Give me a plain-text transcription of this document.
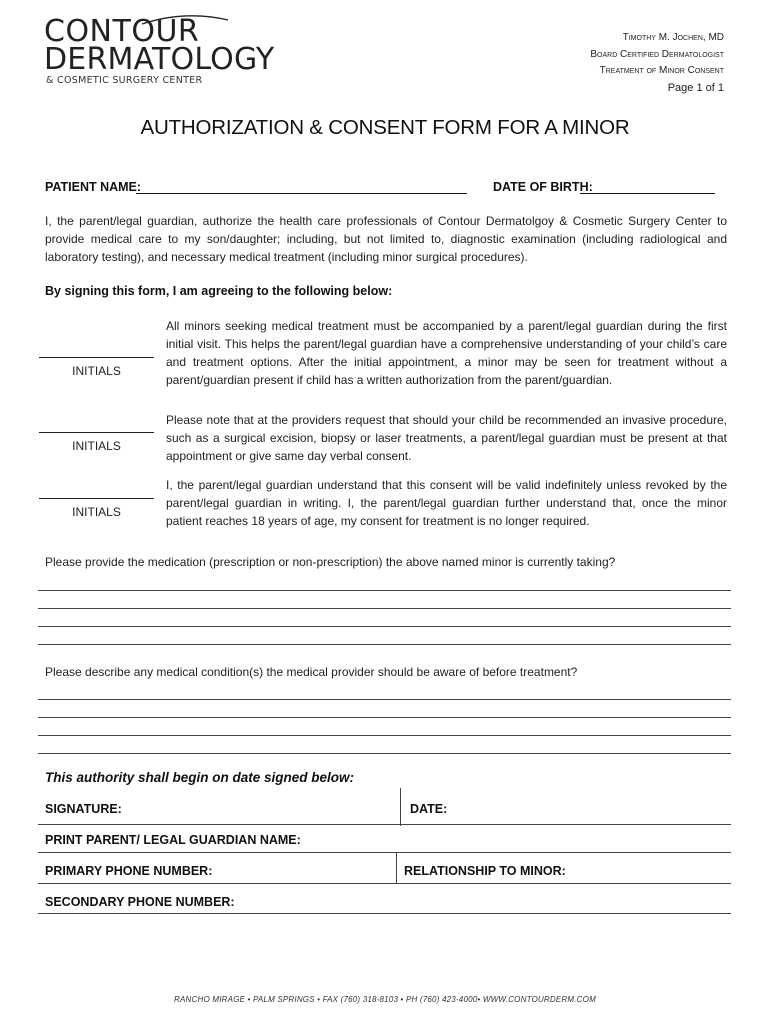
CONTOUR
DERMATOLOGY
& COSMETIC SURGERY CENTER
Timothy M. Jochen, MD
Board Certified Dermatologist
Treatment of Minor Consent
Page 1 of 1
AUTHORIZATION & CONSENT FORM FOR A MINOR
PATIENT NAME:	DATE OF BIRTH:
I, the parent/legal guardian, authorize the health care professionals of Contour Dermatolgoy & Cosmetic Surgery Center to provide medical care to my son/daughter; including, but not limited to, diagnostic examination (including radiological and laboratory testing), and necessary medical treatment (including minor surgical procedures).
By signing this form, I am agreeing to the following below:
INITIALS
All minors seeking medical treatment must be accompanied by a parent/legal guardian during the first initial visit. This helps the parent/legal guardian have a comprehensive understanding of your child’s care and treatment options. After the initial appointment, a minor may be seen for treatment without a parent/guardian present if child has a written authorization from the parent/guardian.
INITIALS
Please note that at the providers request that should your child be recommended an invasive procedure, such as a surgical excision, biopsy or laser treatments, a parent/legal guardian must be present at that appointment or give same day verbal consent.
INITIALS
I, the parent/legal guardian understand that this consent will be valid indefinitely unless revoked by the parent/legal guardian in writing. I, the parent/legal guardian further understand that, once the minor patient reaches 18 years of age, my consent for treatment is no longer required.
Please provide the medication (prescription or non-prescription) the above named minor is currently taking?
Please describe any medical condition(s) the medical provider should be aware of before treatment?
This authority shall begin on date signed below:
SIGNATURE:	DATE:
PRINT PARENT/ LEGAL GUARDIAN NAME:
PRIMARY PHONE NUMBER:	RELATIONSHIP TO MINOR:
SECONDARY PHONE NUMBER:
RANCHO MIRAGE • PALM SPRINGS • FAX (760) 318-8103 • PH (760) 423-4000• WWW.CONTOURDERM.COM
